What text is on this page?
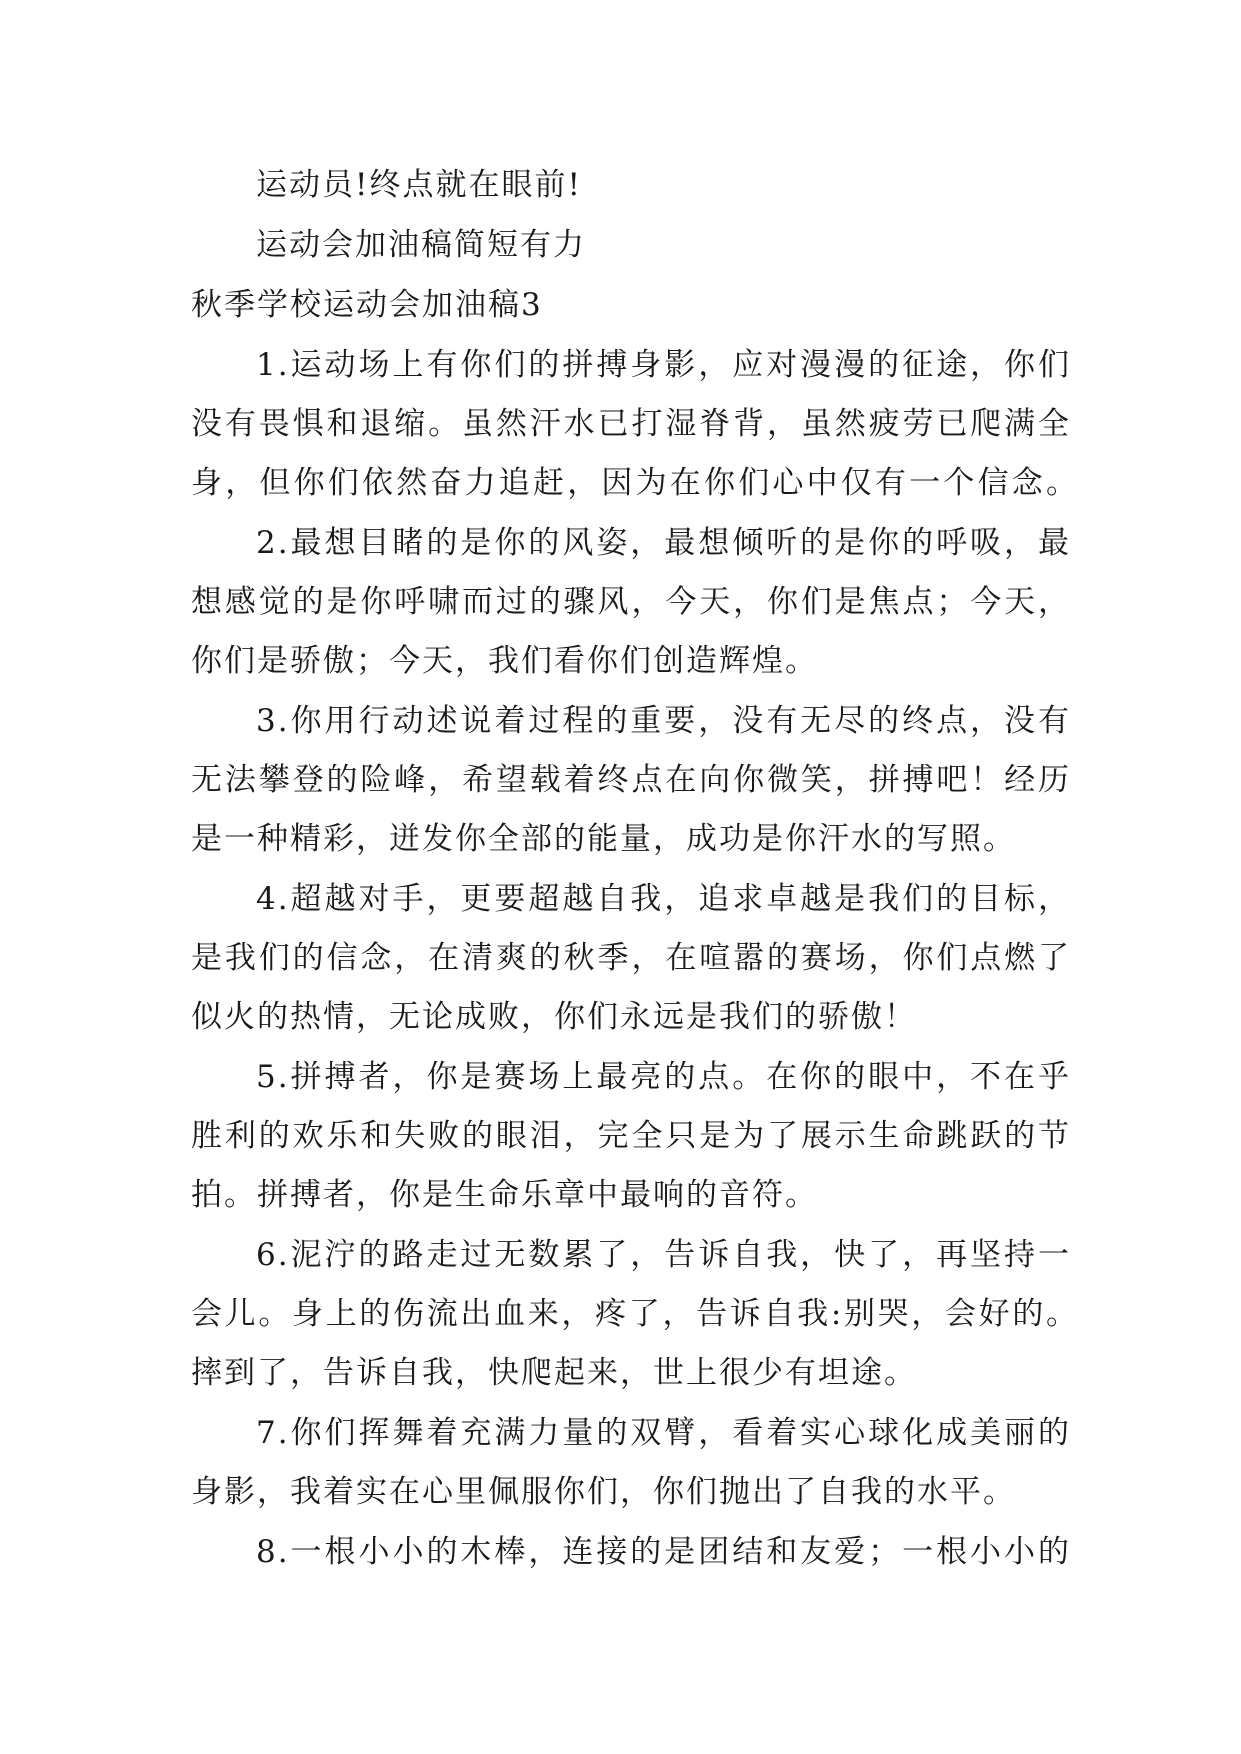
运动员!终点就在眼前!
运动会加油稿简短有力
秋季学校运动会加油稿3
1.运动场上有你们的拼搏身影，应对漫漫的征途，你们
没有畏惧和退缩。虽然汗水已打湿脊背，虽然疲劳已爬满全
身，但你们依然奋力追赶，因为在你们心中仅有一个信念。
2.最想目睹的是你的风姿，最想倾听的是你的呼吸，最
想感觉的是你呼啸而过的骤风，今天，你们是焦点；今天，
你们是骄傲；今天，我们看你们创造辉煌。
3.你用行动述说着过程的重要，没有无尽的终点，没有
无法攀登的险峰，希望载着终点在向你微笑，拼搏吧！经历
是一种精彩，迸发你全部的能量，成功是你汗水的写照。
4.超越对手，更要超越自我，追求卓越是我们的目标，
是我们的信念，在清爽的秋季，在喧嚣的赛场，你们点燃了
似火的热情，无论成败，你们永远是我们的骄傲！
5.拼搏者，你是赛场上最亮的点。在你的眼中，不在乎
胜利的欢乐和失败的眼泪，完全只是为了展示生命跳跃的节
拍。拼搏者，你是生命乐章中最响的音符。
6.泥泞的路走过无数累了，告诉自我，快了，再坚持一
会儿。身上的伤流出血来，疼了，告诉自我:别哭，会好的。
摔到了，告诉自我，快爬起来，世上很少有坦途。
7.你们挥舞着充满力量的双臂，看着实心球化成美丽的
身影，我着实在心里佩服你们，你们抛出了自我的水平。
8.一根小小的木棒，连接的是团结和友爱；一根小小的
